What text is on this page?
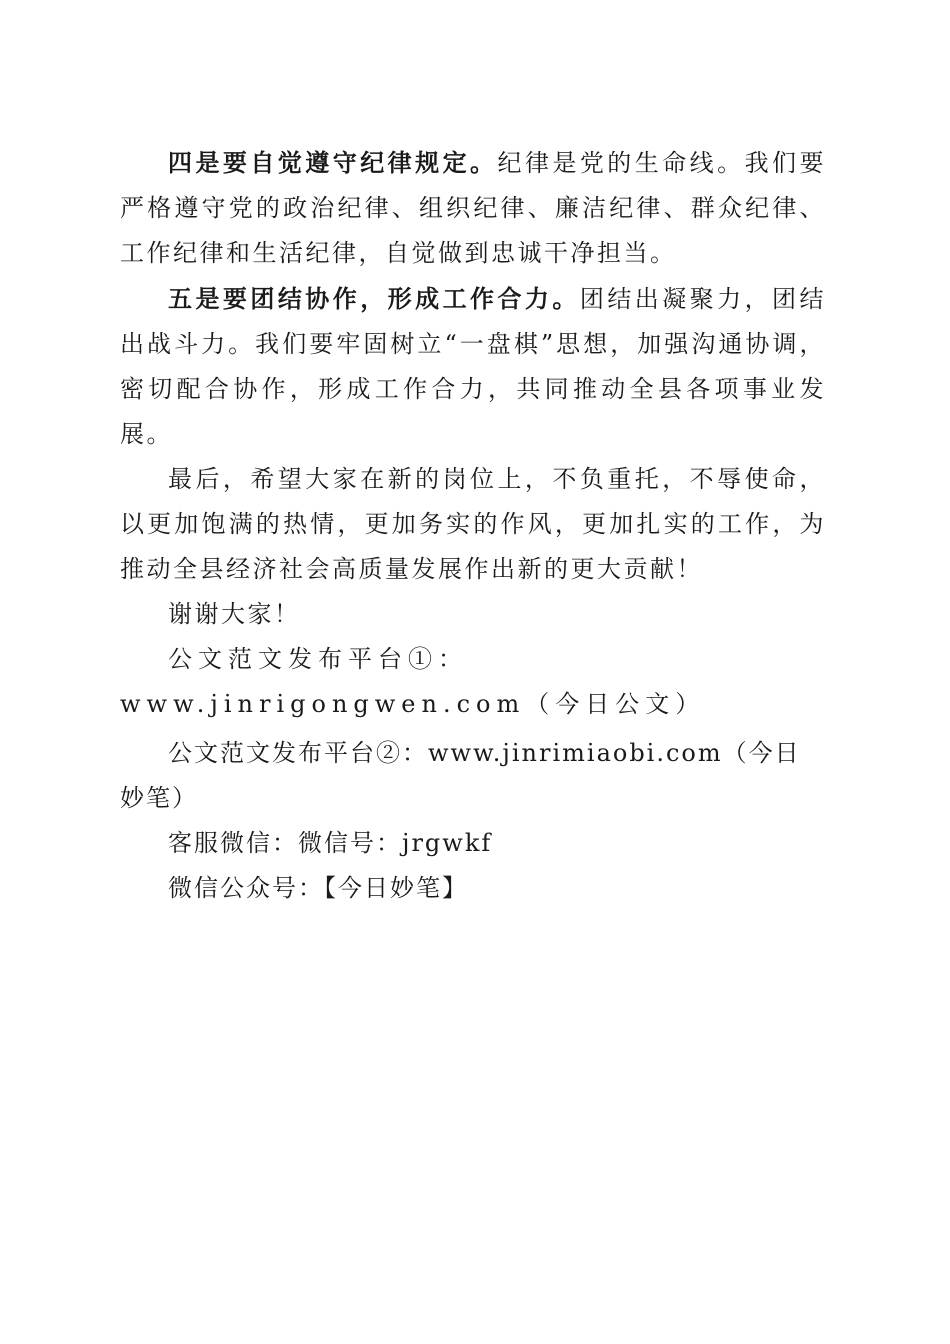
四是要自觉遵守纪律规定。纪律是党的生命线。我们要严格遵守党的政治纪律、组织纪律、廉洁纪律、群众纪律、工作纪律和生活纪律，自觉做到忠诚干净担当。

五是要团结协作，形成工作合力。团结出凝聚力，团结出战斗力。我们要牢固树立“一盘棋”思想，加强沟通协调，密切配合协作，形成工作合力，共同推动全县各项事业发展。

最后，希望大家在新的岗位上，不负重托，不辱使命，以更加饱满的热情，更加务实的作风，更加扎实的工作，为推动全县经济社会高质量发展作出新的更大贡献！

谢谢大家！

公文范文发布平台①：www.jinrigongwen.com（今日公文）

公文范文发布平台②：www.jinrimiaobi.com（今日妙笔）

客服微信：微信号：jrgwkf

微信公众号：【今日妙笔】
